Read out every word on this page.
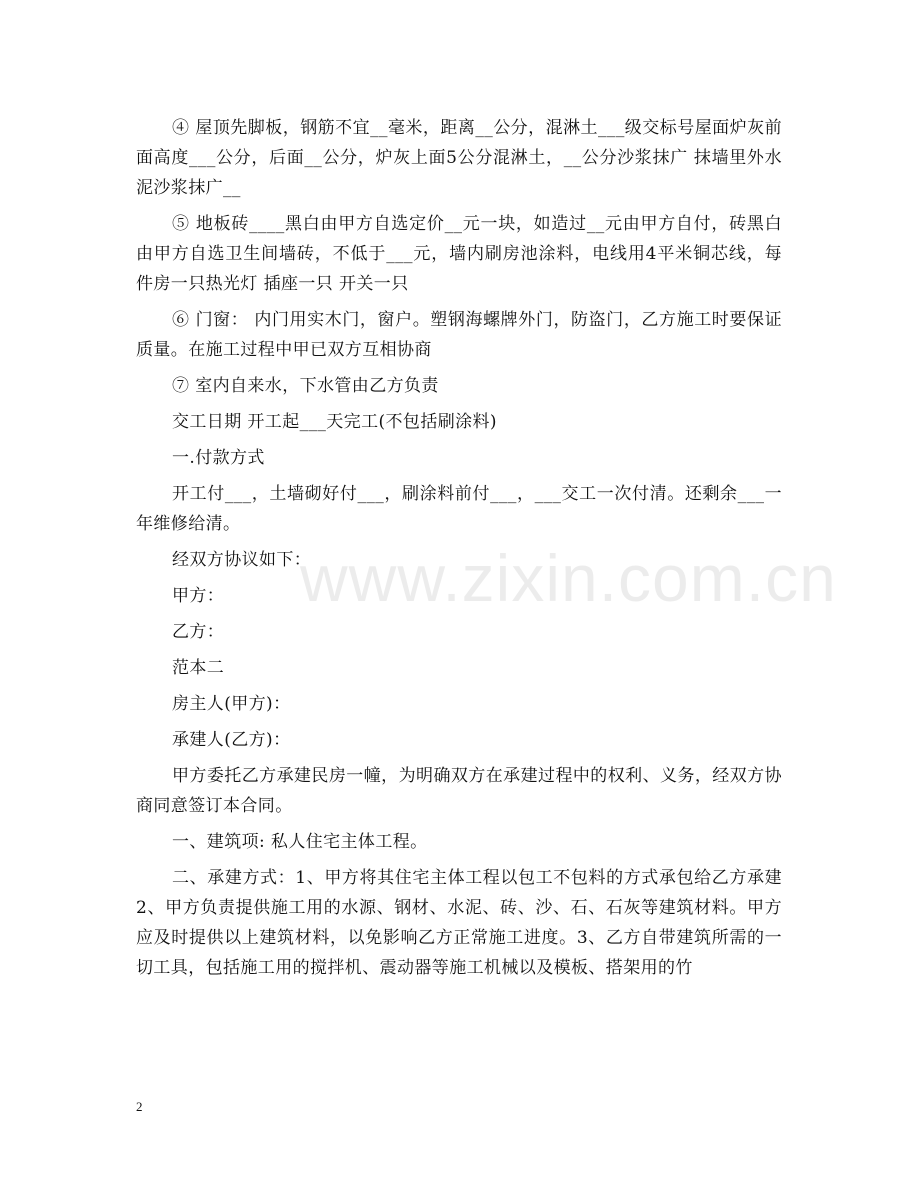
④ 屋顶先脚板，钢筋不宜__毫米，距离__公分，混淋土___级交标号屋面炉灰前面高度___公分，后面__公分，炉灰上面5公分混淋土，__公分沙浆抹广 抹墙里外水泥沙浆抹广__

⑤ 地板砖____黑白由甲方自选定价__元一块，如造过__元由甲方自付，砖黑白由甲方自选卫生间墙砖，不低于___元，墙内刷房池涂料，电线用4平米铜芯线，每件房一只热光灯 插座一只 开关一只

⑥ 门窗： 内门用实木门，窗户。塑钢海螺牌外门，防盗门，乙方施工时要保证质量。在施工过程中甲已双方互相协商

⑦ 室内自来水，下水管由乙方负责

交工日期 开工起___天完工(不包括刷涂料)

一.付款方式

开工付___，土墙砌好付___，刷涂料前付___，___交工一次付清。还剩余___一年维修给清。

经双方协议如下：

甲方：

乙方：

范本二

房主人(甲方)：

承建人(乙方)：

甲方委托乙方承建民房一幢，为明确双方在承建过程中的权利、义务，经双方协商同意签订本合同。

一、建筑项: 私人住宅主体工程。

二、承建方式：1、甲方将其住宅主体工程以包工不包料的方式承包给乙方承建2、甲方负责提供施工用的水源、钢材、水泥、砖、沙、石、石灰等建筑材料。甲方应及时提供以上建筑材料，以免影响乙方正常施工进度。3、乙方自带建筑所需的一切工具，包括施工用的搅拌机、震动器等施工机械以及模板、搭架用的竹

www.zixin.com.cn
2
